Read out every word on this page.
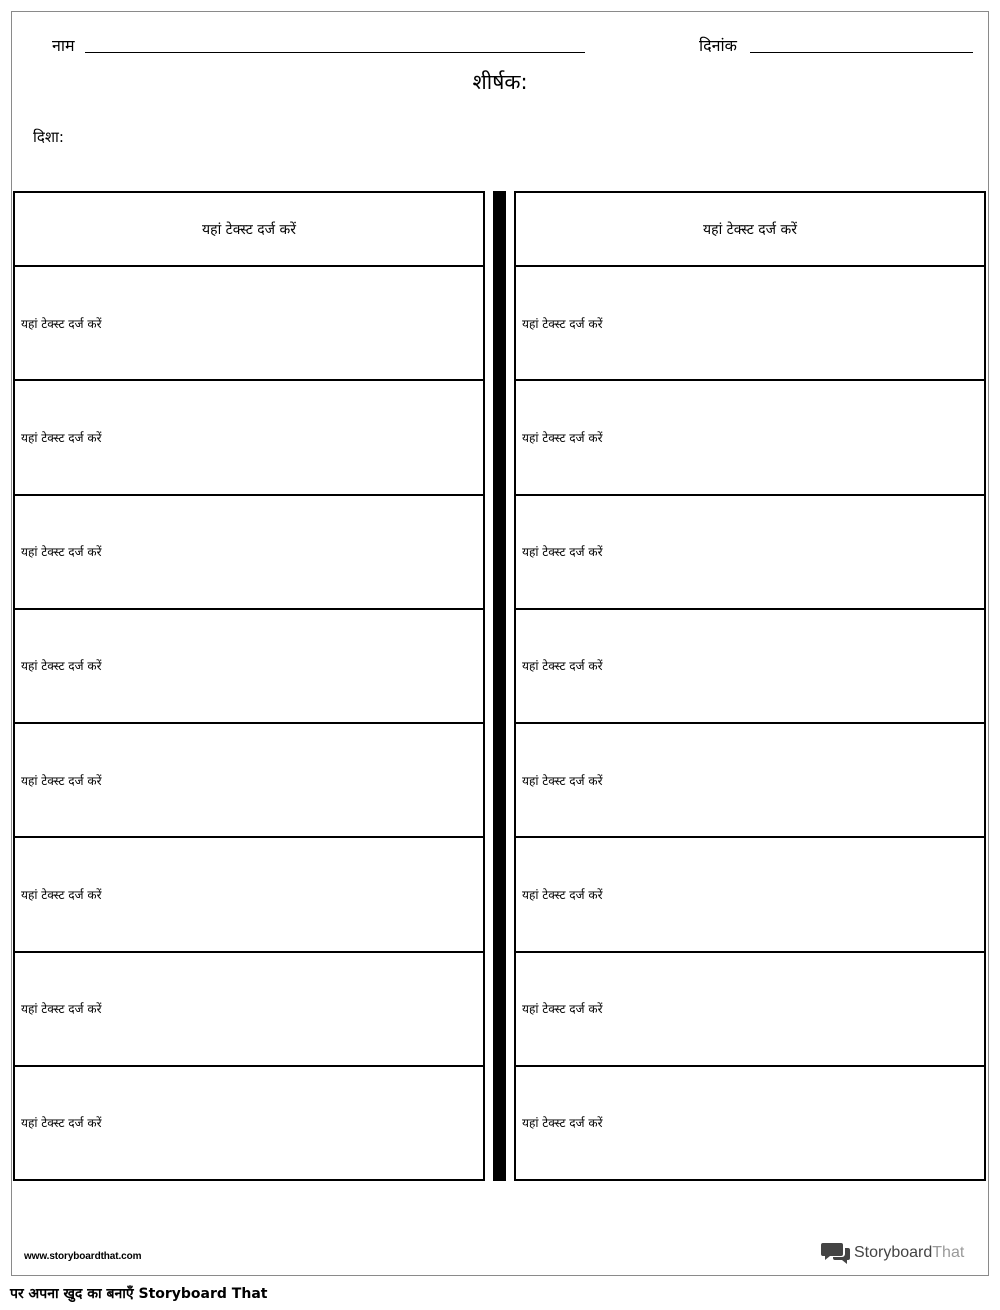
नाम	दिनांक
शीर्षक:
दिशा:
यहां टेक्स्ट दर्ज करें
यहां टेक्स्ट दर्ज करें
यहां टेक्स्ट दर्ज करें
यहां टेक्स्ट दर्ज करें
यहां टेक्स्ट दर्ज करें
यहां टेक्स्ट दर्ज करें
यहां टेक्स्ट दर्ज करें
यहां टेक्स्ट दर्ज करें
यहां टेक्स्ट दर्ज करें
यहां टेक्स्ट दर्ज करें
यहां टेक्स्ट दर्ज करें
यहां टेक्स्ट दर्ज करें
यहां टेक्स्ट दर्ज करें
यहां टेक्स्ट दर्ज करें
यहां टेक्स्ट दर्ज करें
यहां टेक्स्ट दर्ज करें
यहां टेक्स्ट दर्ज करें
यहां टेक्स्ट दर्ज करें
www.storyboardthat.com	StoryboardThat
पर अपना खुद का बनाएँ Storyboard That
